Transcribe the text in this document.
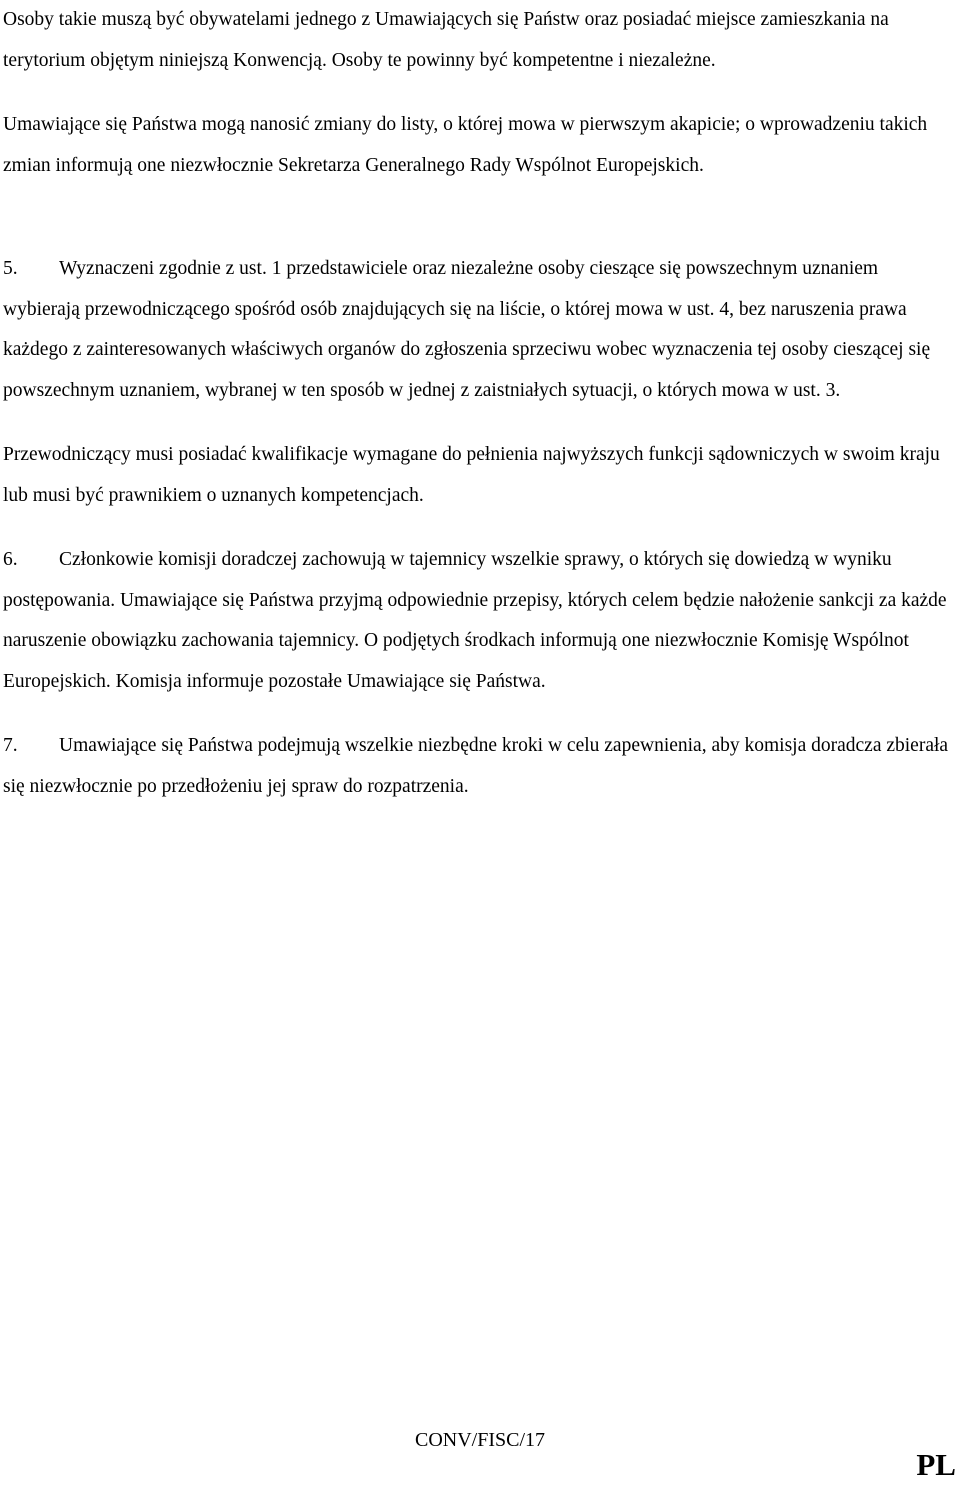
Osoby takie muszą być obywatelami jednego z Umawiających się Państw oraz posiadać miejsce zamieszkania na terytorium objętym niniejszą Konwencją. Osoby te powinny być kompetentne i niezależne.

Umawiające się Państwa mogą nanosić zmiany do listy, o której mowa w pierwszym akapicie; o wprowadzeniu takich zmian informują one niezwłocznie Sekretarza Generalnego Rady Wspólnot Europejskich.

5. Wyznaczeni zgodnie z ust. 1 przedstawiciele oraz niezależne osoby cieszące się powszechnym uznaniem wybierają przewodniczącego spośród osób znajdujących się na liście, o której mowa w ust. 4, bez naruszenia prawa każdego z zainteresowanych właściwych organów do zgłoszenia sprzeciwu wobec wyznaczenia tej osoby cieszącej się powszechnym uznaniem, wybranej w ten sposób w jednej z zaistniałych sytuacji, o których mowa w ust. 3.

Przewodniczący musi posiadać kwalifikacje wymagane do pełnienia najwyższych funkcji sądowniczych w swoim kraju lub musi być prawnikiem o uznanych kompetencjach.

6. Członkowie komisji doradczej zachowują w tajemnicy wszelkie sprawy, o których się dowiedzą w wyniku postępowania. Umawiające się Państwa przyjmą odpowiednie przepisy, których celem będzie nałożenie sankcji za każde naruszenie obowiązku zachowania tajemnicy. O podjętych środkach informują one niezwłocznie Komisję Wspólnot Europejskich. Komisja informuje pozostałe Umawiające się Państwa.

7. Umawiające się Państwa podejmują wszelkie niezbędne kroki w celu zapewnienia, aby komisja doradcza zbierała się niezwłocznie po przedłożeniu jej spraw do rozpatrzenia.

CONV/FISC/17
PL
